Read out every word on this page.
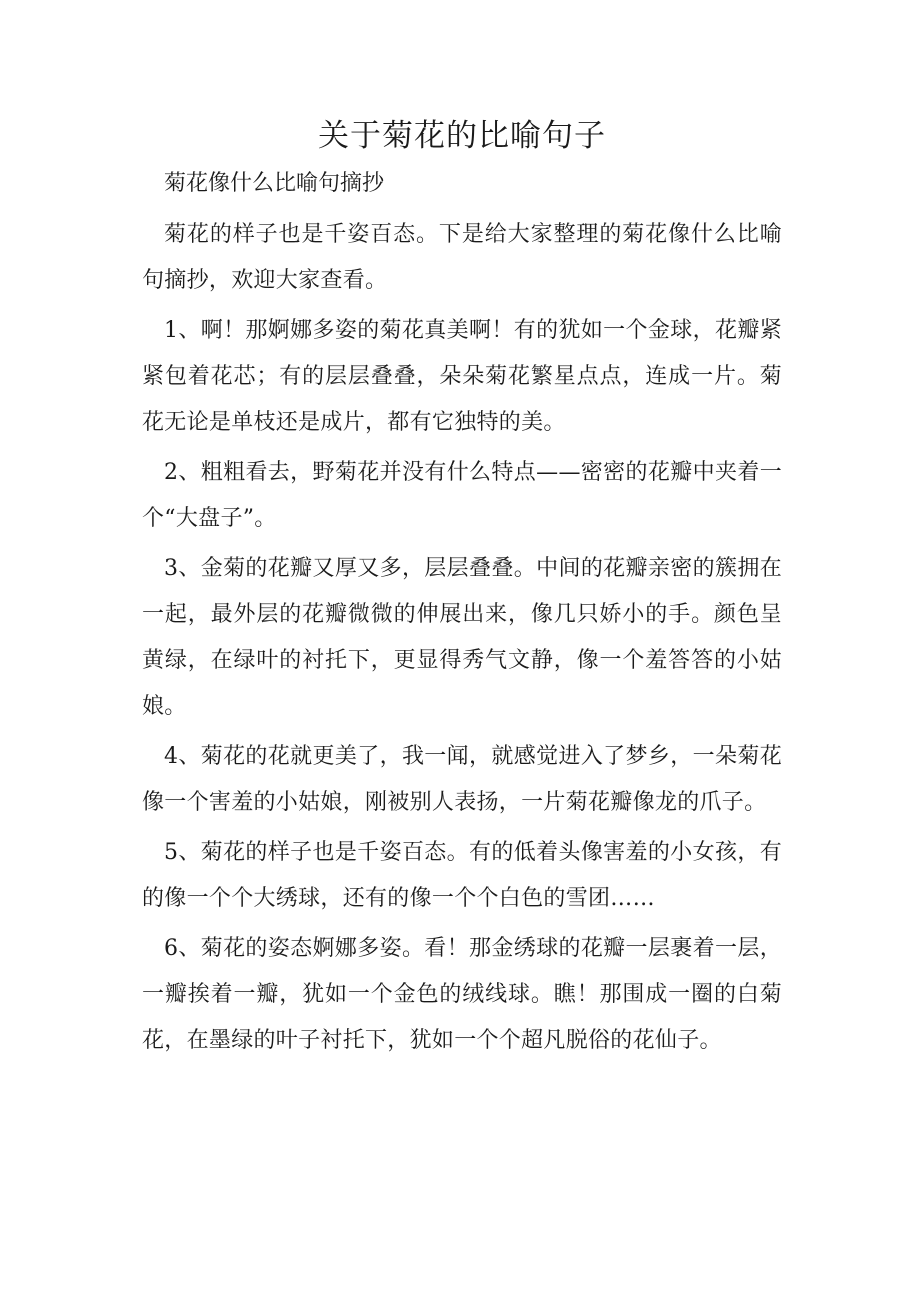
关于菊花的比喻句子

菊花像什么比喻句摘抄

菊花的样子也是千姿百态。下是给大家整理的菊花像什么比喻句摘抄，欢迎大家查看。

1、啊！那婀娜多姿的菊花真美啊！有的犹如一个金球，花瓣紧紧包着花芯；有的层层叠叠，朵朵菊花繁星点点，连成一片。菊花无论是单枝还是成片，都有它独特的美。

2、粗粗看去，野菊花并没有什么特点——密密的花瓣中夹着一个“大盘子”。

3、金菊的花瓣又厚又多，层层叠叠。中间的花瓣亲密的簇拥在一起，最外层的花瓣微微的伸展出来，像几只娇小的手。颜色呈黄绿，在绿叶的衬托下，更显得秀气文静，像一个羞答答的小姑娘。

4、菊花的花就更美了，我一闻，就感觉进入了梦乡，一朵菊花像一个害羞的小姑娘，刚被别人表扬，一片菊花瓣像龙的爪子。

5、菊花的样子也是千姿百态。有的低着头像害羞的小女孩，有的像一个个大绣球，还有的像一个个白色的雪团……

6、菊花的姿态婀娜多姿。看！那金绣球的花瓣一层裹着一层，一瓣挨着一瓣，犹如一个金色的绒线球。瞧！那围成一圈的白菊花，在墨绿的叶子衬托下，犹如一个个超凡脱俗的花仙子。
